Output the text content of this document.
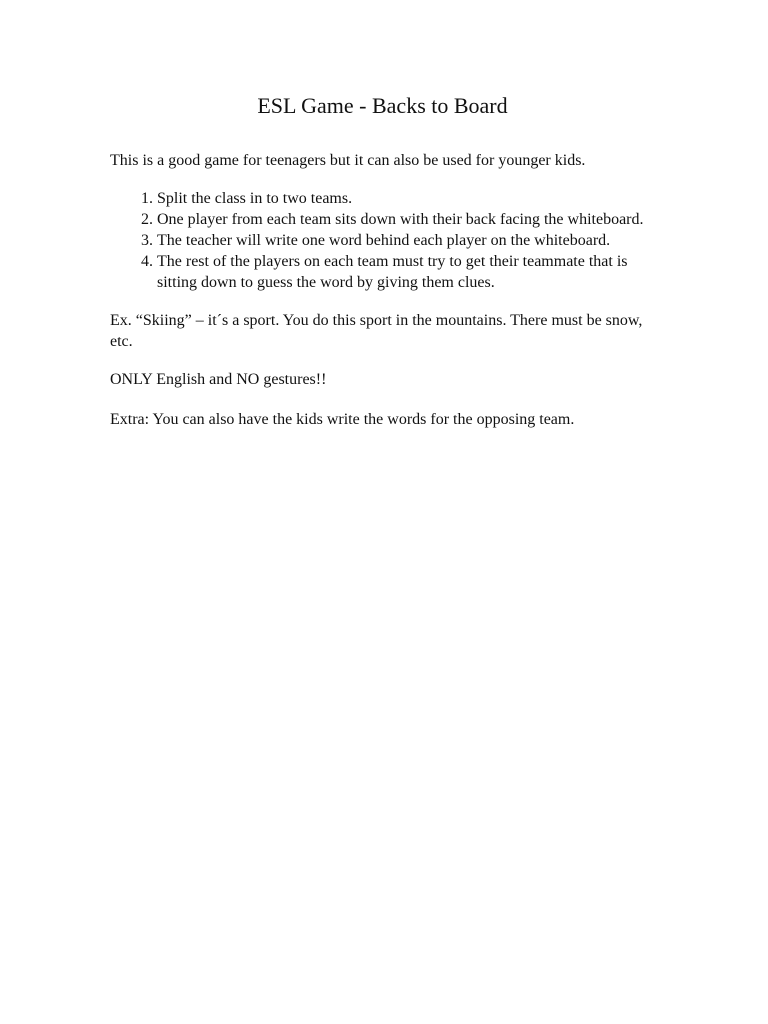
ESL Game - Backs to Board

This is a good game for teenagers but it can also be used for younger kids.

1. Split the class in to two teams.
2. One player from each team sits down with their back facing the whiteboard.
3. The teacher will write one word behind each player on the whiteboard.
4. The rest of the players on each team must try to get their teammate that is sitting down to guess the word by giving them clues.

Ex. “Skiing” – it´s a sport. You do this sport in the mountains. There must be snow, etc.

ONLY English and NO gestures!!

Extra: You can also have the kids write the words for the opposing team.
